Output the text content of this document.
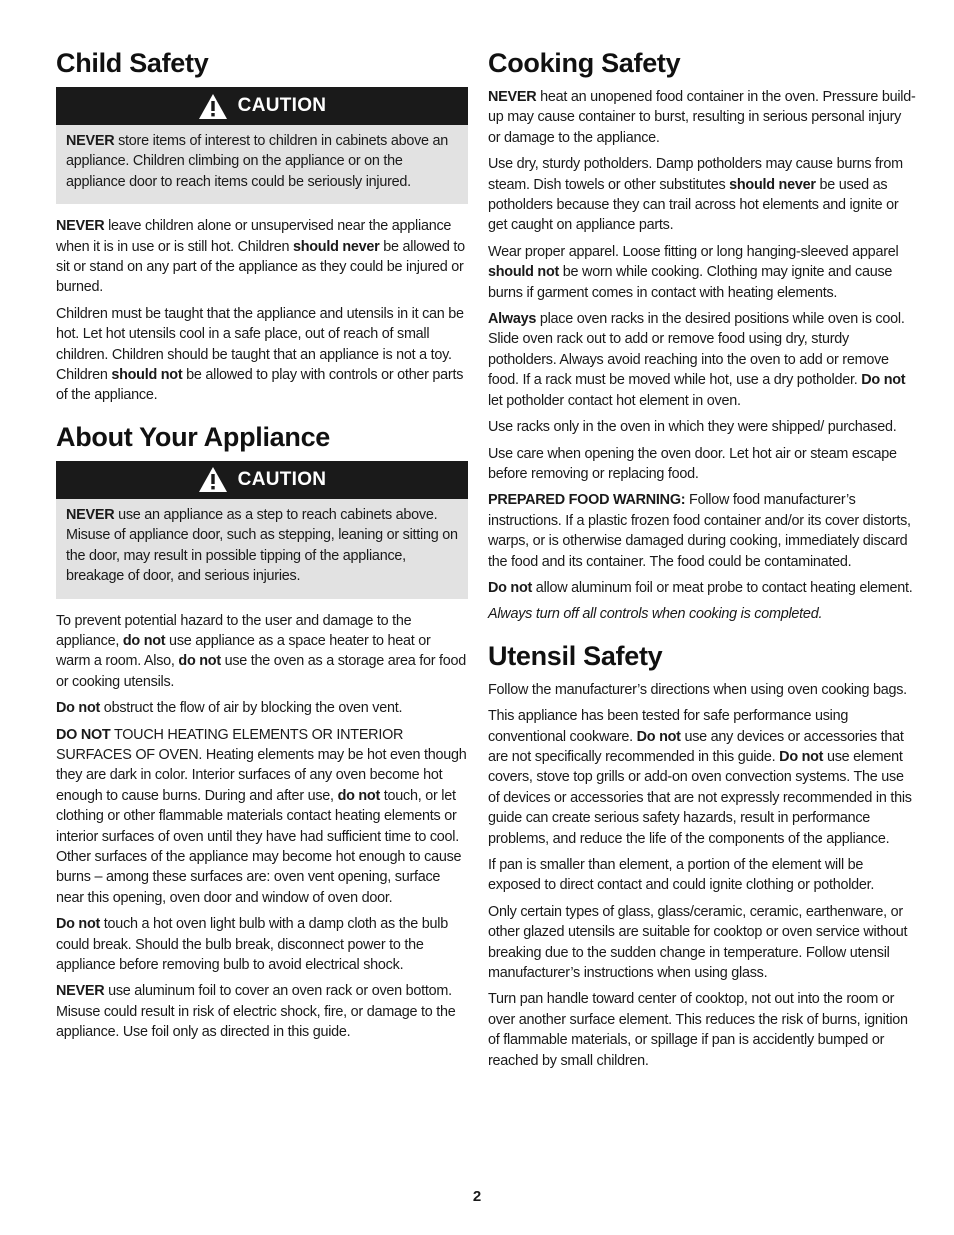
Child Safety
CAUTION

NEVER store items of interest to children in cabinets above an appliance. Children climbing on the appliance or on the appliance door to reach items could be seriously injured.

NEVER leave children alone or unsupervised near the appliance when it is in use or is still hot. Children should never be allowed to sit or stand on any part of the appliance as they could be injured or burned.

Children must be taught that the appliance and utensils in it can be hot. Let hot utensils cool in a safe place, out of reach of small children. Children should be taught that an appliance is not a toy. Children should not be allowed to play with controls or other parts of the appliance.

About Your Appliance
CAUTION

NEVER use an appliance as a step to reach cabinets above. Misuse of appliance door, such as stepping, leaning or sitting on the door, may result in possible tipping of the appliance, breakage of door, and serious injuries.

To prevent potential hazard to the user and damage to the appliance, do not use appliance as a space heater to heat or warm a room. Also, do not use the oven as a storage area for food or cooking utensils.

Do not obstruct the flow of air by blocking the oven vent.

DO NOT TOUCH HEATING ELEMENTS OR INTERIOR SURFACES OF OVEN. Heating elements may be hot even though they are dark in color. Interior surfaces of any oven become hot enough to cause burns. During and after use, do not touch, or let clothing or other flammable materials contact heating elements or interior surfaces of oven until they have had sufficient time to cool. Other surfaces of the appliance may become hot enough to cause burns – among these surfaces are: oven vent opening, surface near this opening, oven door and window of oven door.

Do not touch a hot oven light bulb with a damp cloth as the bulb could break. Should the bulb break, disconnect power to the appliance before removing bulb to avoid electrical shock.

NEVER use aluminum foil to cover an oven rack or oven bottom. Misuse could result in risk of electric shock, fire, or damage to the appliance. Use foil only as directed in this guide.

Cooking Safety

NEVER heat an unopened food container in the oven. Pressure build-up may cause container to burst, resulting in serious personal injury or damage to the appliance.

Use dry, sturdy potholders. Damp potholders may cause burns from steam. Dish towels or other substitutes should never be used as potholders because they can trail across hot elements and ignite or get caught on appliance parts.

Wear proper apparel. Loose fitting or long hanging-sleeved apparel should not be worn while cooking. Clothing may ignite and cause burns if garment comes in contact with heating elements.

Always place oven racks in the desired positions while oven is cool. Slide oven rack out to add or remove food using dry, sturdy potholders. Always avoid reaching into the oven to add or remove food. If a rack must be moved while hot, use a dry potholder. Do not let potholder contact hot element in oven.

Use racks only in the oven in which they were shipped/ purchased.

Use care when opening the oven door. Let hot air or steam escape before removing or replacing food.

PREPARED FOOD WARNING: Follow food manufacturer’s instructions. If a plastic frozen food container and/or its cover distorts, warps, or is otherwise damaged during cooking, immediately discard the food and its container. The food could be contaminated.

Do not allow aluminum foil or meat probe to contact heating element.

Always turn off all controls when cooking is completed.

Utensil Safety

Follow the manufacturer’s directions when using oven cooking bags.

This appliance has been tested for safe performance using conventional cookware. Do not use any devices or accessories that are not specifically recommended in this guide. Do not use element covers, stove top grills or add-on oven convection systems. The use of devices or accessories that are not expressly recommended in this guide can create serious safety hazards, result in performance problems, and reduce the life of the components of the appliance.

If pan is smaller than element, a portion of the element will be exposed to direct contact and could ignite clothing or potholder.

Only certain types of glass, glass/ceramic, ceramic, earthenware, or other glazed utensils are suitable for cooktop or oven service without breaking due to the sudden change in temperature. Follow utensil manufacturer’s instructions when using glass.

Turn pan handle toward center of cooktop, not out into the room or over another surface element. This reduces the risk of burns, ignition of flammable materials, or spillage if pan is accidently bumped or reached by small children.

2
